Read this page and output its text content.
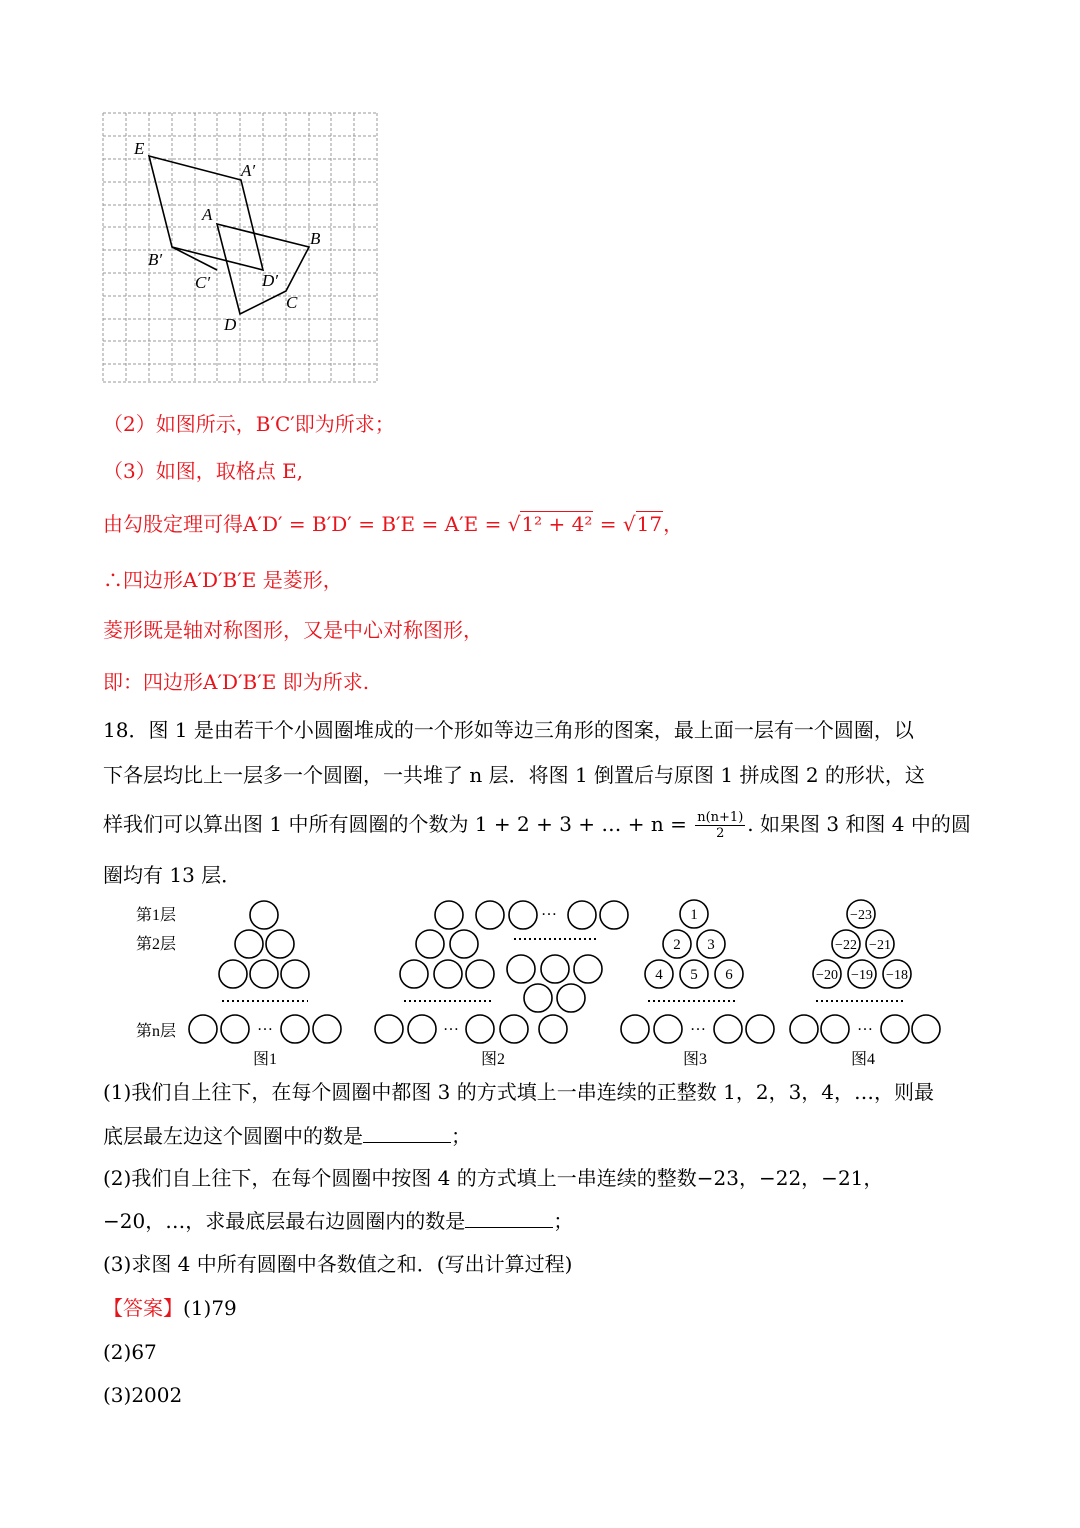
E
A′
A
B
B′
C′	D′
C
D
（2）如图所示，B′C′即为所求；
（3）如图，取格点 E,
由勾股定理可得A′D′ = B′D′ = B′E = A′E = √1² + 4² = √17，
∴四边形A′D′B′E 是菱形，
菱形既是轴对称图形，又是中心对称图形，
即：四边形A′D′B′E 即为所求.
18．图 1 是由若干个小圆圈堆成的一个形如等边三角形的图案，最上面一层有一个圆圈，以
下各层均比上一层多一个圆圈，一共堆了 n 层．将图 1 倒置后与原图 1 拼成图 2 的形状，这
样我们可以算出图 1 中所有圆圈的个数为 1 + 2 + 3 + … + $n = \frac{n(n+1)}{2}$ . 如果图 3 和图 4 中的圆
圈均有 13 层．
第1层
第2层
第n层	…
…
…	…	…
1
2 3
4 5 6
−23
−22 −21
−20 −19 −18
图1	图2	图3	图4
(1)我们自上往下，在每个圆圈中都图 3 的方式填上一串连续的正整数 1，2，3，4，…，则最
底层最左边这个圆圈中的数是	；
(2)我们自上往下，在每个圆圈中按图 4 的方式填上一串连续的整数−23，−22，−21，
−20，…，求最底层最右边圆圈内的数是	；
(3)求图 4 中所有圆圈中各数值之和．(写出计算过程)
【答案】(1)79
(2)67
(3)2002
